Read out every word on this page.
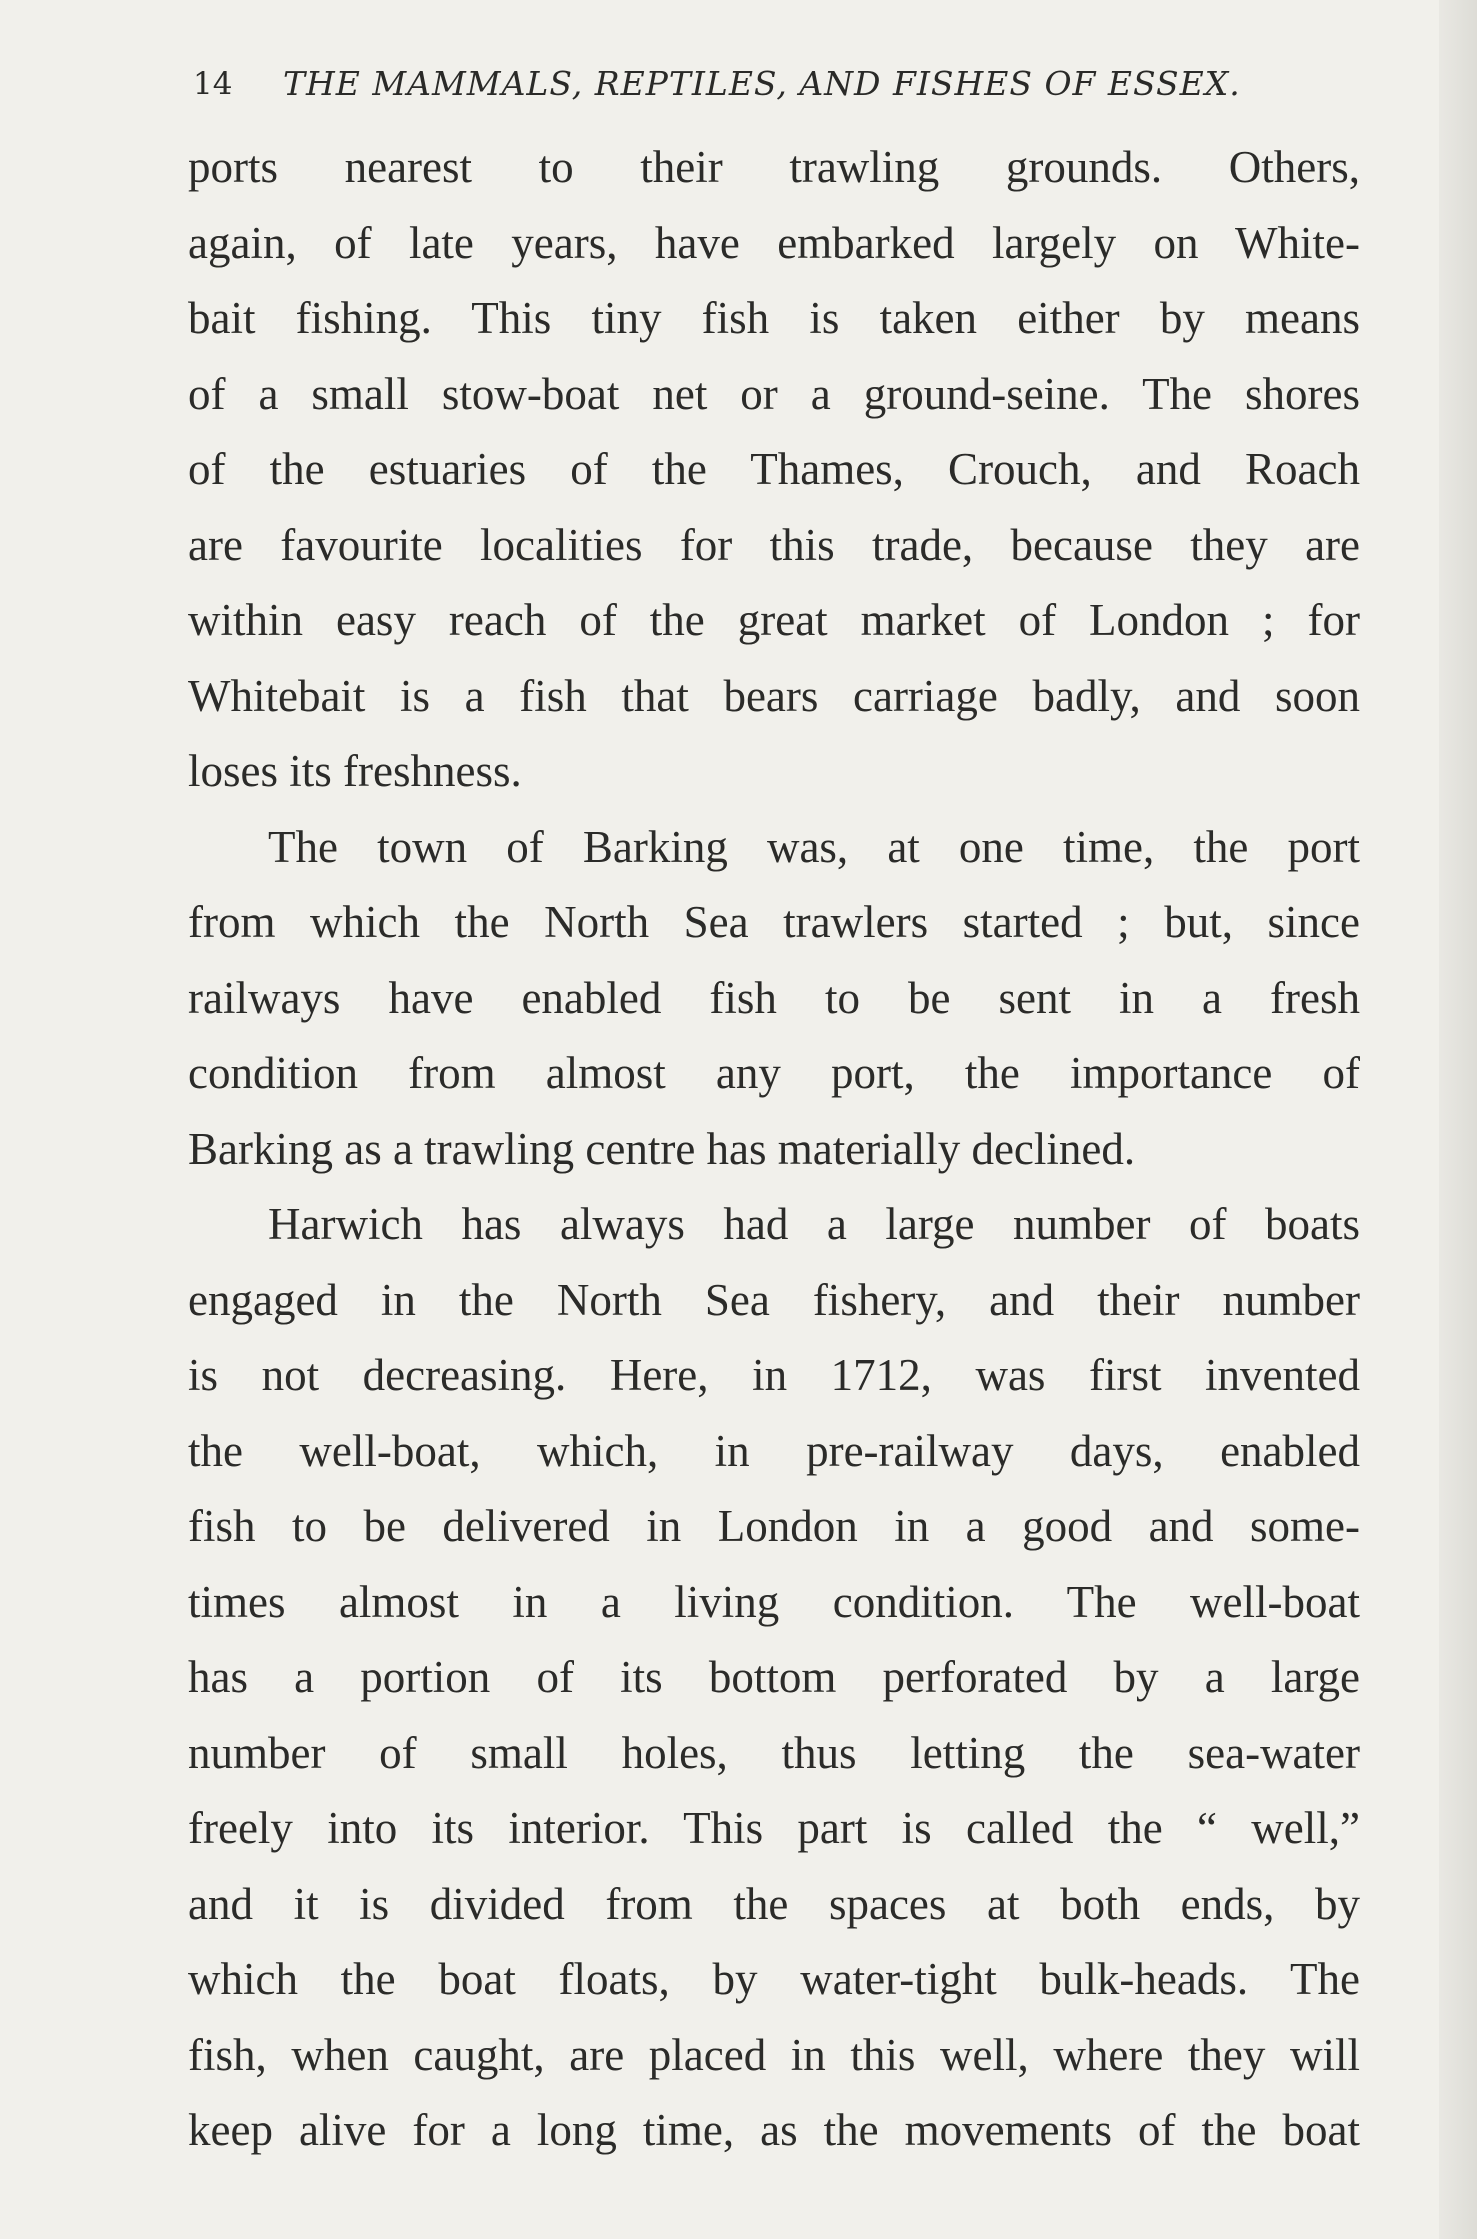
14 THE MAMMALS, REPTILES, AND FISHES OF ESSEX.

ports nearest to their trawling grounds. Others,
again, of late years, have embarked largely on White-
bait fishing. This tiny fish is taken either by means
of a small stow-boat net or a ground-seine. The shores
of the estuaries of the Thames, Crouch, and Roach
are favourite localities for this trade, because they are
within easy reach of the great market of London ; for
Whitebait is a fish that bears carriage badly, and soon
loses its freshness.

The town of Barking was, at one time, the port
from which the North Sea trawlers started ; but, since
railways have enabled fish to be sent in a fresh
condition from almost any port, the importance of
Barking as a trawling centre has materially declined.

Harwich has always had a large number of boats
engaged in the North Sea fishery, and their number
is not decreasing. Here, in 1712, was first invented
the well-boat, which, in pre-railway days, enabled
fish to be delivered in London in a good and some-
times almost in a living condition. The well-boat
has a portion of its bottom perforated by a large
number of small holes, thus letting the sea-water
freely into its interior. This part is called the “ well,”
and it is divided from the spaces at both ends, by
which the boat floats, by water-tight bulk-heads. The
fish, when caught, are placed in this well, where they will
keep alive for a long time, as the movements of the boat
